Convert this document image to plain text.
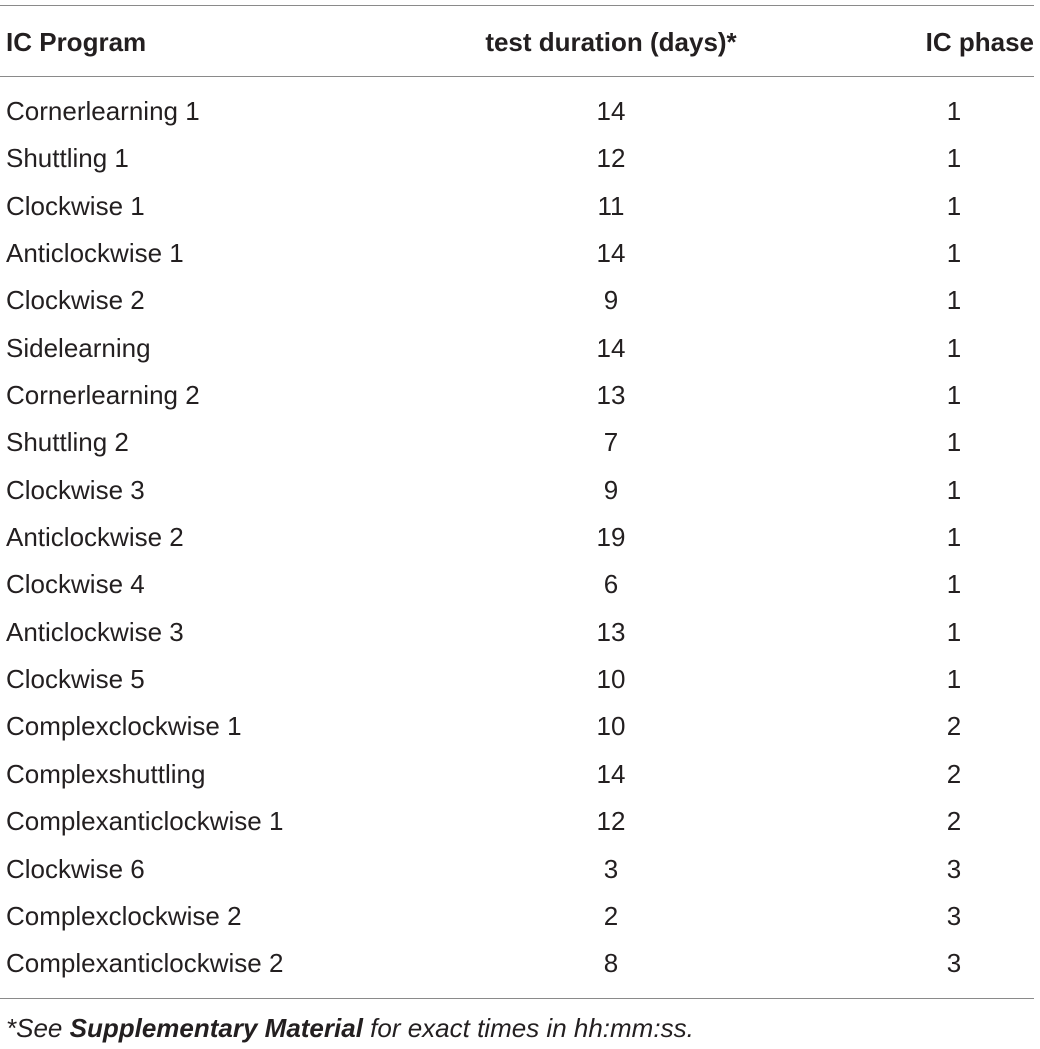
IC Program	test duration (days)*	IC phase
Cornerlearning 1	14	1
Shuttling 1	12	1
Clockwise 1	11	1
Anticlockwise 1	14	1
Clockwise 2	9	1
Sidelearning	14	1
Cornerlearning 2	13	1
Shuttling 2	7	1
Clockwise 3	9	1
Anticlockwise 2	19	1
Clockwise 4	6	1
Anticlockwise 3	13	1
Clockwise 5	10	1
Complexclockwise 1	10	2
Complexshuttling	14	2
Complexanticlockwise 1	12	2
Clockwise 6	3	3
Complexclockwise 2	2	3
Complexanticlockwise 2	8	3
*See Supplementary Material for exact times in hh:mm:ss.
